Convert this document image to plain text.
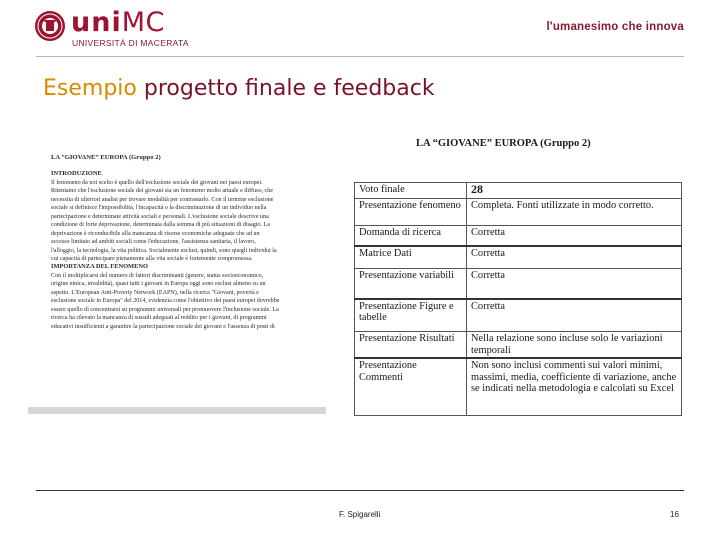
uniMC
UNIVERSITÀ DI MACERATA
l'umanesimo che innova
Esempio progetto finale e feedback

LA “GIOVANE” EUROPA (Gruppo 2)

INTRODUZIONE

Il fenomeno da noi scelto è quello dell'esclusione sociale dei giovani nei paesi europei.

Riteniamo che l'esclusione sociale dei giovani sia un fenomeno molto attuale e diffuso, che

necessita di ulteriori analisi per trovare modalità per contrastarlo. Con il termine esclusione

sociale si definisce l'impossibilità, l'incapacità o la discriminazione di un individuo nella

partecipazione e determinate attività sociali e personali. L'esclusione sociale descrive una

condizione di forte deprivazione, determinata dalla somma di più situazioni di disagio. La

deprivazione è riconducibile alla mancanza di risorse economiche adeguate che ad un

accesso limitato ad ambiti sociali come l'educazione, l'assistenza sanitaria, il lavoro,

l'alloggio, la tecnologia, la vita politica. Socialmente esclusi, quindi, sono quegli individui la

cui capacità di partecipare pienamente alla vita sociale è fortemente compromessa.

IMPORTANZA DEL FENOMENO

Con il moltiplicarsi del numero di fattori discriminanti (genere, status socioeconomico,

origine etnica, invalidità), quasi tutti i giovani in Europa oggi sono esclusi almeno su un

aspetto. L'European Anti-Poverty Network (EAPN), nella ricerca "Giovani, povertà e

esclusione sociale in Europa" del 2014, evidenzia come l'obiettivo dei paesi europei dovrebbe

essere quello di concentrarsi su programmi universali per promuovere l'inclusione sociale. La

ricerca ha rilevato la mancanza di sussidi adeguati al reddito per i giovani, di programmi

educativi insufficienti a garantire la partecipazione sociale dei giovani e l'assenza di posti di

LA “GIOVANE” EUROPA (Gruppo 2)
Voto finale	28
Presentazione fenomeno	Completa. Fonti utilizzate in modo corretto.
Domanda di ricerca	Corretta
Matrice Dati	Corretta
Presentazione variabili	Corretta
Presentazione Figure e tabelle	Corretta
Presentazione Risultati	Nella relazione sono incluse solo le variazioni temporali
Presentazione Commenti	Non sono inclusi commenti sui valori minimi, massimi, media, coefficiente di variazione, anche se indicati nella metodologia e calcolati su Excel
F. Spigarelli	16
